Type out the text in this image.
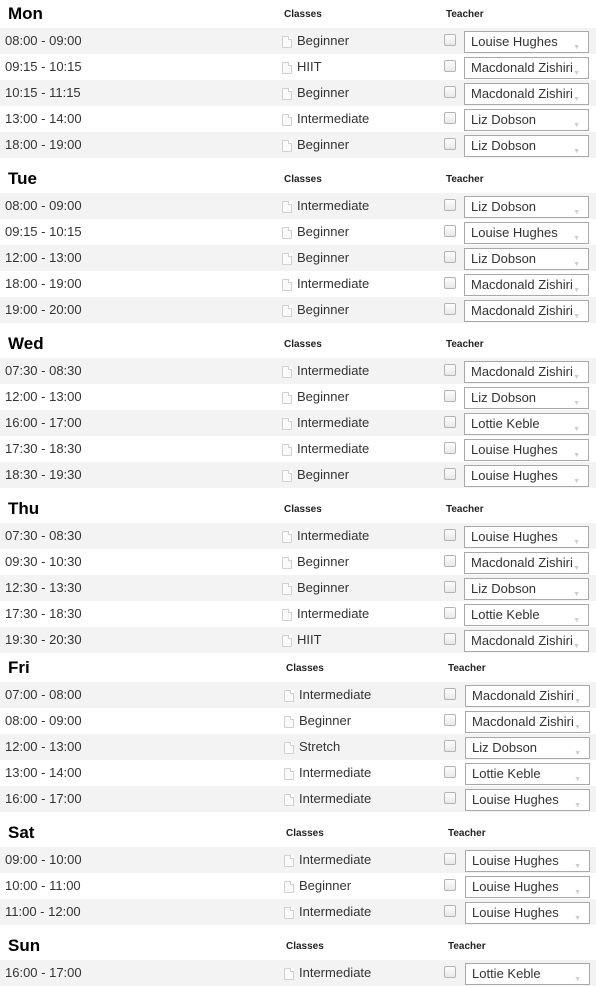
Mon	Classes	Teacher
08:00 - 09:00	Beginner	Louise Hughes ▼
09:15 - 10:15	HIIT	Macdonald Zishiri ▼
10:15 - 11:15	Beginner	Macdonald Zishiri ▼
13:00 - 14:00	Intermediate	Liz Dobson	▼
18:00 - 19:00	Beginner	Liz Dobson	▼
Tue	Classes	Teacher
08:00 - 09:00	Intermediate	Liz Dobson	▼
09:15 - 10:15	Beginner	Louise Hughes ▼
12:00 - 13:00	Beginner	Liz Dobson	▼
18:00 - 19:00	Intermediate	Macdonald Zishiri ▼
19:00 - 20:00	Beginner	Macdonald Zishiri ▼
Wed	Classes	Teacher
07:30 - 08:30	Intermediate	Macdonald Zishiri ▼
12:00 - 13:00	Beginner	Liz Dobson	▼
16:00 - 17:00	Intermediate	Lottie Keble	▼
17:30 - 18:30	Intermediate	Louise Hughes ▼
18:30 - 19:30	Beginner	Louise Hughes ▼
Thu	Classes	Teacher
07:30 - 08:30	Intermediate	Louise Hughes ▼
09:30 - 10:30	Beginner	Macdonald Zishiri ▼
12:30 - 13:30	Beginner	Liz Dobson	▼
17:30 - 18:30	Intermediate	Lottie Keble	▼
19:30 - 20:30	HIIT	Macdonald Zishiri ▼
Fri	Classes	Teacher
07:00 - 08:00	Intermediate	Macdonald Zishiri ▼
08:00 - 09:00	Beginner	Macdonald Zishiri ▼
12:00 - 13:00	Stretch	Liz Dobson	▼
13:00 - 14:00	Intermediate	Lottie Keble	▼
16:00 - 17:00	Intermediate	Louise Hughes ▼
Sat	Classes	Teacher
09:00 - 10:00	Intermediate	Louise Hughes ▼
10:00 - 11:00	Beginner	Louise Hughes ▼
11:00 - 12:00	Intermediate	Louise Hughes ▼
Sun	Classes	Teacher
16:00 - 17:00	Intermediate	Lottie Keble	▼
